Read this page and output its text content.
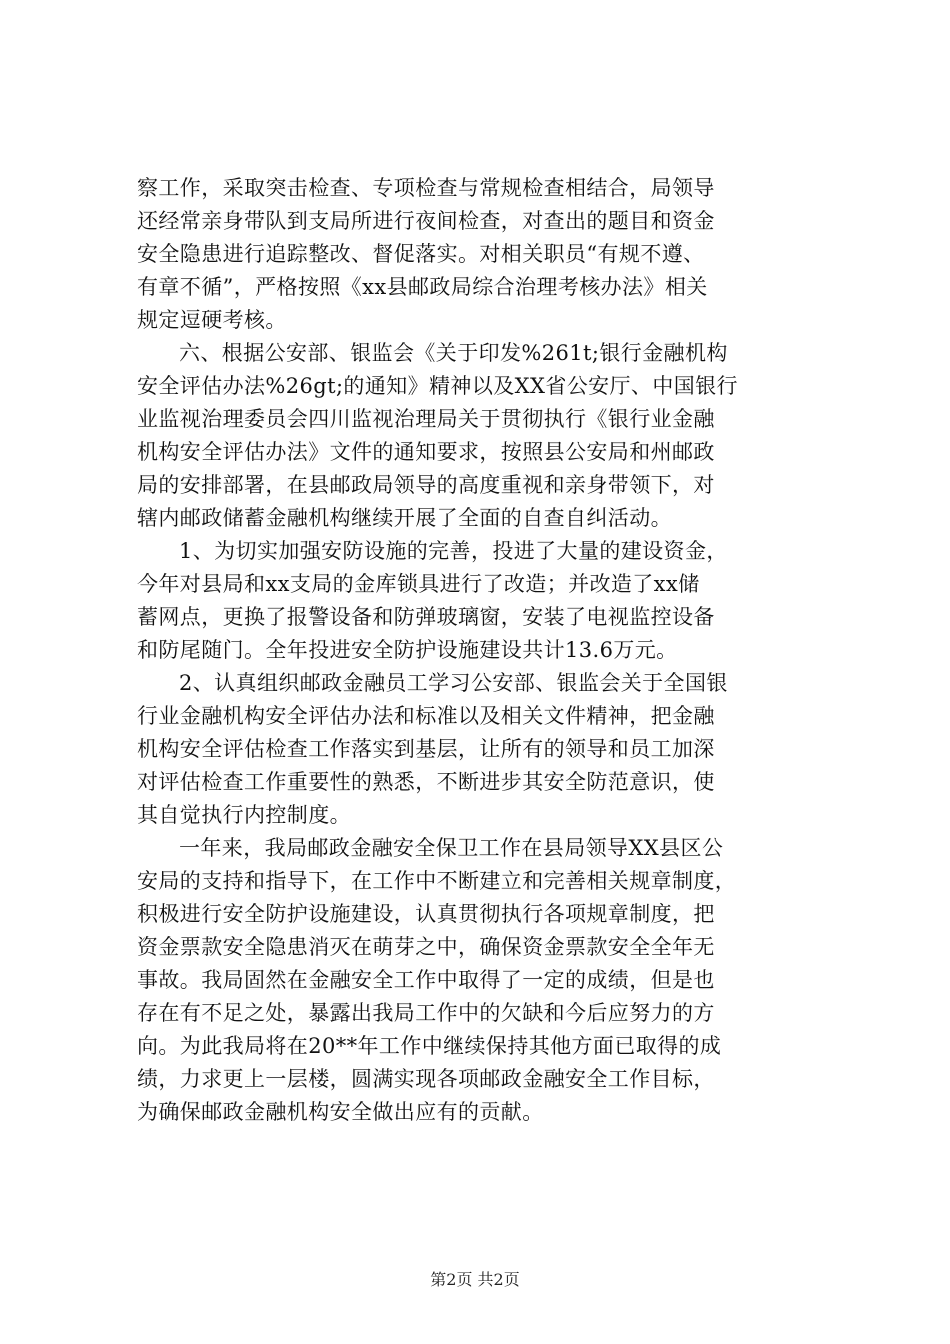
察工作，采取突击检查、专项检查与常规检查相结合，局领导
还经常亲身带队到支局所进行夜间检查，对查出的题目和资金
安全隐患进行追踪整改、督促落实。对相关职员“有规不遵、
有章不循”，严格按照《xx县邮政局综合治理考核办法》相关
规定逗硬考核。

六、根据公安部、银监会《关于印发%261t;银行金融机构
安全评估办法%26gt;的通知》精神以及XX省公安厅、中国银行
业监视治理委员会四川监视治理局关于贯彻执行《银行业金融
机构安全评估办法》文件的通知要求，按照县公安局和州邮政
局的安排部署，在县邮政局领导的高度重视和亲身带领下，对
辖内邮政储蓄金融机构继续开展了全面的自查自纠活动。

1、为切实加强安防设施的完善，投进了大量的建设资金，
今年对县局和xx支局的金库锁具进行了改造；并改造了xx储
蓄网点，更换了报警设备和防弹玻璃窗，安装了电视监控设备
和防尾随门。全年投进安全防护设施建设共计13.6万元。

2、认真组织邮政金融员工学习公安部、银监会关于全国银
行业金融机构安全评估办法和标准以及相关文件精神，把金融
机构安全评估检查工作落实到基层，让所有的领导和员工加深
对评估检查工作重要性的熟悉，不断进步其安全防范意识，使
其自觉执行内控制度。

一年来，我局邮政金融安全保卫工作在县局领导XX县区公
安局的支持和指导下，在工作中不断建立和完善相关规章制度，
积极进行安全防护设施建设，认真贯彻执行各项规章制度，把
资金票款安全隐患消灭在萌芽之中，确保资金票款安全全年无
事故。我局固然在金融安全工作中取得了一定的成绩，但是也
存在有不足之处，暴露出我局工作中的欠缺和今后应努力的方
向。为此我局将在20**年工作中继续保持其他方面已取得的成
绩，力求更上一层楼，圆满实现各项邮政金融安全工作目标，
为确保邮政金融机构安全做出应有的贡献。

第2页 共2页
